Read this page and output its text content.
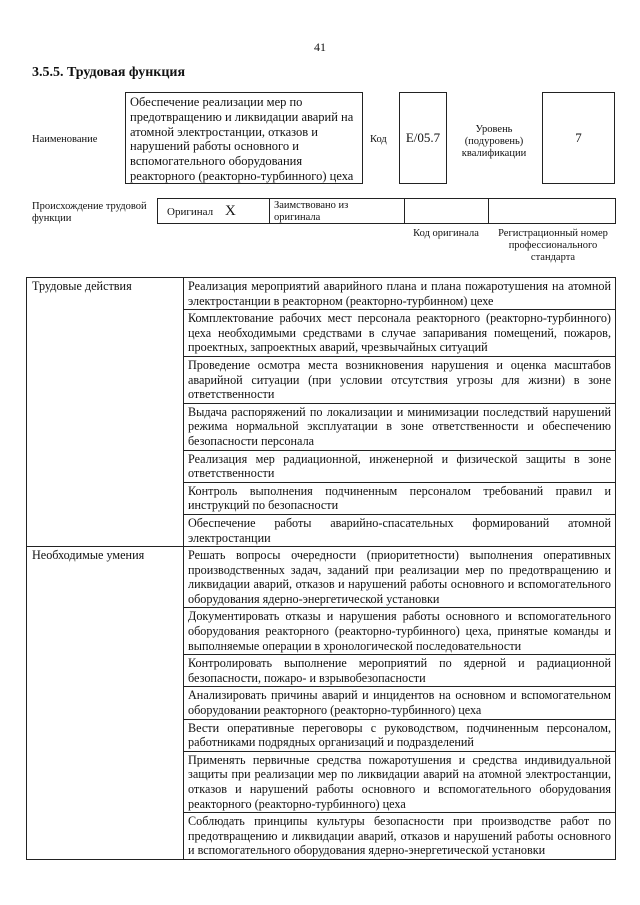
41
3.5.5. Трудовая функция
Наименование
Обеспечение реализации мер по предотвращению и ликвидации аварий на атомной электростанции, отказов и нарушений работы основного и вспомогательного оборудования реакторного (реакторно-турбинного) цеха
Код	E/05.7
Уровень (подуровень) квалификации
7
Происхождение трудовой функции
Оригинал X	Заимствовано из оригинала
Код оригинала	Регистрационный номер профессионального стандарта
Трудовые действия	Реализация мероприятий аварийного плана и плана пожаротушения на атомной электростанции в реакторном (реакторно-турбинном) цехе
	Комплектование рабочих мест персонала реакторного (реакторно-турбинного) цеха необходимыми средствами в случае запаривания помещений, пожаров, проектных, запроектных аварий, чрезвычайных ситуаций
	Проведение осмотра места возникновения нарушения и оценка масштабов аварийной ситуации (при условии отсутствия угрозы для жизни) в зоне ответственности
	Выдача распоряжений по локализации и минимизации последствий нарушений режима нормальной эксплуатации в зоне ответственности и обеспечению безопасности персонала
	Реализация мер радиационной, инженерной и физической защиты в зоне ответственности
	Контроль выполнения подчиненным персоналом требований правил и инструкций по безопасности
	Обеспечение работы аварийно-спасательных формирований атомной электростанции
Необходимые умения	Решать вопросы очередности (приоритетности) выполнения оперативных производственных задач, заданий при реализации мер по предотвращению и ликвидации аварий, отказов и нарушений работы основного и вспомогательного оборудования ядерно-энергетической установки
	Документировать отказы и нарушения работы основного и вспомогательного оборудования реакторного (реакторно-турбинного) цеха, принятые команды и выполняемые операции в хронологической последовательности
	Контролировать выполнение мероприятий по ядерной и радиационной безопасности, пожаро- и взрывобезопасности
	Анализировать причины аварий и инцидентов на основном и вспомогательном оборудовании реакторного (реакторно-турбинного) цеха
	Вести оперативные переговоры с руководством, подчиненным персоналом, работниками подрядных организаций и подразделений
	Применять первичные средства пожаротушения и средства индивидуальной защиты при реализации мер по ликвидации аварий на атомной электростанции, отказов и нарушений работы основного и вспомогательного оборудования реакторного (реакторно-турбинного) цеха
	Соблюдать принципы культуры безопасности при производстве работ по предотвращению и ликвидации аварий, отказов и нарушений работы основного и вспомогательного оборудования ядерно-энергетической установки
